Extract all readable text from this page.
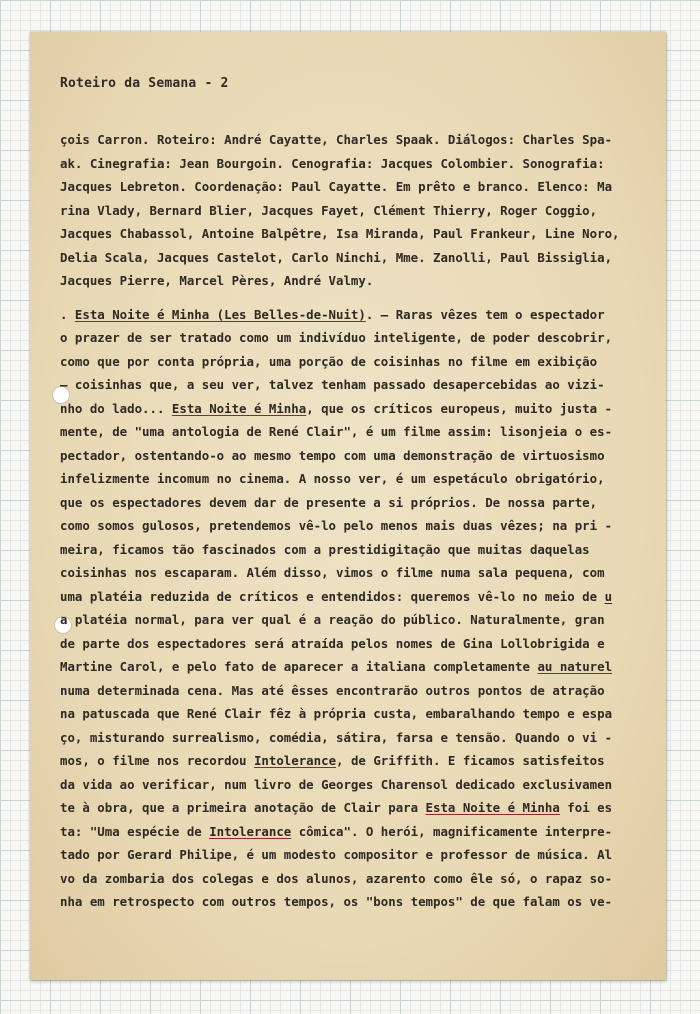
Roteiro da Semana - 2
çois Carron. Roteiro: André Cayatte, Charles Spaak. Diálogos: Charles Spa-
ak. Cinegrafia: Jean Bourgoin. Cenografia: Jacques Colombier. Sonografia:
Jacques Lebreton. Coordenação: Paul Cayatte. Em prêto e branco. Elenco: Ma
rina Vlady, Bernard Blier, Jacques Fayet, Clément Thierry, Roger Coggio,
Jacques Chabassol, Antoine Balpêtre, Isa Miranda, Paul Frankeur, Line Noro,
Delia Scala, Jacques Castelot, Carlo Ninchi, Mme. Zanolli, Paul Bissiglia,
Jacques Pierre, Marcel Pères, André Valmy.
. Esta Noite é Minha (Les Belles-de-Nuit). — Raras vêzes tem o espectador
o prazer de ser tratado como um indivíduo inteligente, de poder descobrir,
como que por conta própria, uma porção de coisinhas no filme em exibição
— coisinhas que, a seu ver, talvez tenham passado desapercebidas ao vizi-
nho do lado... Esta Noite é Minha, que os críticos europeus, muito justa -
mente, de "uma antologia de René Clair", é um filme assim: lisonjeia o es-
pectador, ostentando-o ao mesmo tempo com uma demonstração de virtuosismo
infelizmente incomum no cinema. A nosso ver, é um espetáculo obrigatório,
que os espectadores devem dar de presente a si próprios. De nossa parte,
como somos gulosos, pretendemos vê-lo pelo menos mais duas vêzes; na pri -
meira, ficamos tão fascinados com a prestidigitação que muitas daquelas
coisinhas nos escaparam. Além disso, vimos o filme numa sala pequena, com
uma platéia reduzida de críticos e entendidos: queremos vê-lo no meio de u
a platéia normal, para ver qual é a reação do público. Naturalmente, gran
de parte dos espectadores será atraída pelos nomes de Gina Lollobrigida e
Martine Carol, e pelo fato de aparecer a italiana completamente au naturel
numa determinada cena. Mas até êsses encontrarão outros pontos de atração
na patuscada que René Clair fêz à própria custa, embaralhando tempo e espa
ço, misturando surrealismo, comédia, sátira, farsa e tensão. Quando o vi -
mos, o filme nos recordou Intolerance, de Griffith. E ficamos satisfeitos
da vida ao verificar, num livro de Georges Charensol dedicado exclusivamen
te à obra, que a primeira anotação de Clair para Esta Noite é Minha foi es
ta: "Uma espécie de Intolerance cômica". O herói, magnificamente interpre-
tado por Gerard Philipe, é um modesto compositor e professor de música. Al
vo da zombaria dos colegas e dos alunos, azarento como êle só, o rapaz so-
nha em retrospecto com outros tempos, os "bons tempos" de que falam os ve-
